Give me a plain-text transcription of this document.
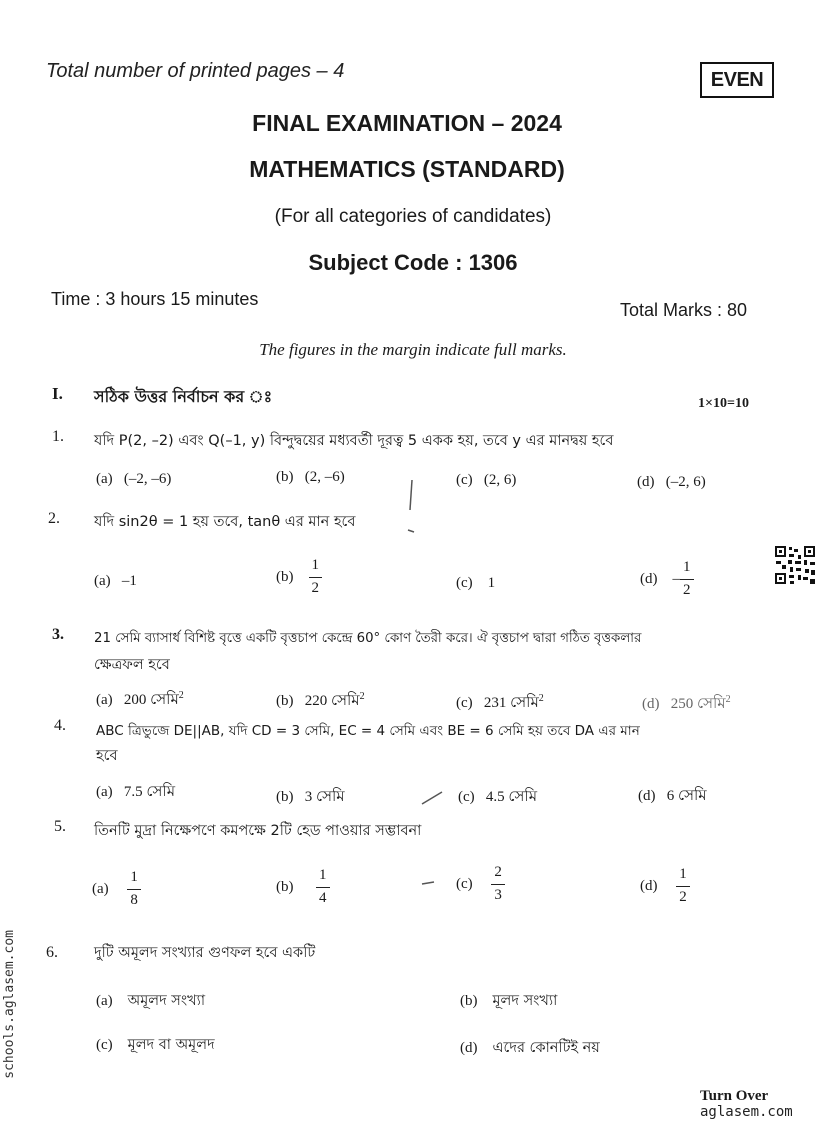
Total number of printed pages – 4	EVEN
FINAL EXAMINATION – 2024
MATHEMATICS (STANDARD)
(For all categories of candidates)
Subject Code : 1306
Time : 3 hours 15 minutes
Total Marks : 80
The figures in the margin indicate full marks.
I. সঠিক উত্তর নির্বাচন কর ঃ	1×10=10
1. যদি P(2, –2) এবং Q(–1, y) বিন্দুদ্বয়ের মধ্যবর্তী দূরত্ব 5 একক হয়, তবে y এর মানদ্বয় হবে
(a) (–2, –6)	(b) (2, –6)	(c) (2, 6)	(d) (–2, 6)
2. যদি sin2θ = 1 হয় তবে, tanθ এর মান হবে
(a) –1	$(b) \frac{1}{2}$	(c) 1	$(d) - \frac{1}{2}$
3. 21 সেমি ব্যাসার্ধ বিশিষ্ট বৃত্তে একটি বৃত্তচাপ কেন্দ্রে 60° কোণ তৈরী করে। ঐ বৃত্তচাপ দ্বারা গঠিত বৃত্তকলার
ক্ষেত্রফল হবে
(a) 200 সেমি$^2$	(b) 220 সেমি$^2$	(c) 231 সেমি$^2$	(d) 250 সেমি$^2$
4. ABC ত্রিভুজে DE||AB, যদি CD = 3 সেমি, EC = 4 সেমি এবং BE = 6 সেমি হয় তবে DA এর মান
হবে
(a) 7.5 সেমি	(b) 3 সেমি	(c) 4.5 সেমি	(d) 6 সেমি
5. তিনটি মুদ্রা নিক্ষেপণে কমপক্ষে 2টি হেড পাওয়ার সম্ভাবনা
$(a) \frac{1}{8}$	$(b) \frac{1}{4}$	$(c) \frac{2}{3}$	$(d) \frac{1}{2}$
6. দুটি অমূলদ সংখ্যার গুণফল হবে একটি
(a) অমূলদ সংখ্যা	(b) মূলদ সংখ্যা
(c) মূলদ বা অমূলদ	(d) এদের কোনটিই নয়
schools.aglasem.com
Turn Over
aglasem.com
